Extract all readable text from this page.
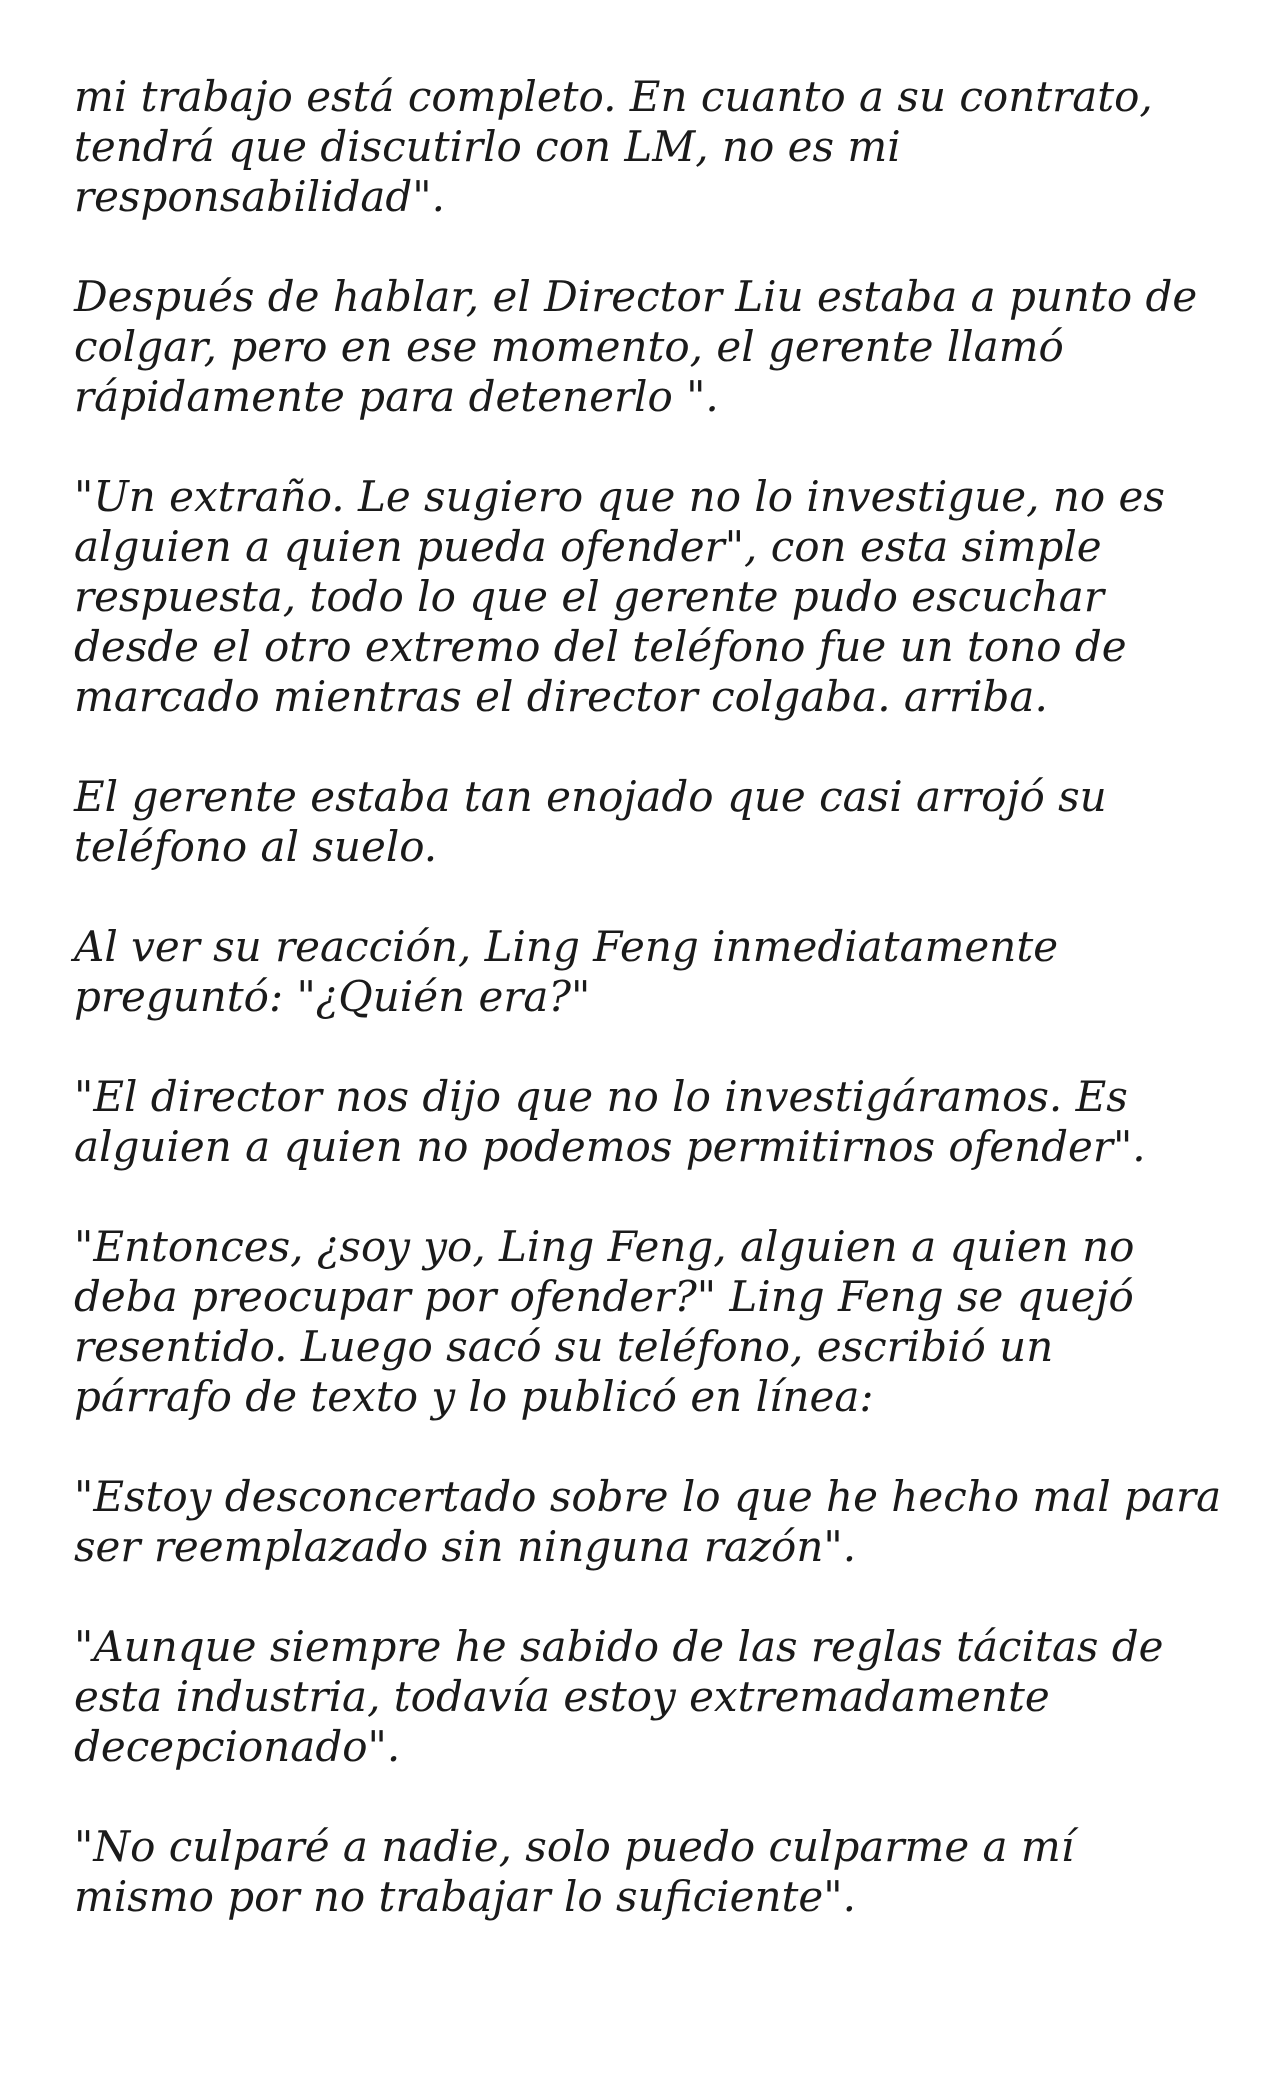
mi trabajo está completo. En cuanto a su contrato,
tendrá que discutirlo con LM, no es mi
responsabilidad".

Después de hablar, el Director Liu estaba a punto de
colgar, pero en ese momento, el gerente llamó
rápidamente para detenerlo ".

"Un extraño. Le sugiero que no lo investigue, no es
alguien a quien pueda ofender", con esta simple
respuesta, todo lo que el gerente pudo escuchar
desde el otro extremo del teléfono fue un tono de
marcado mientras el director colgaba. arriba.

El gerente estaba tan enojado que casi arrojó su
teléfono al suelo.

Al ver su reacción, Ling Feng inmediatamente
preguntó: "¿Quién era?"

"El director nos dijo que no lo investigáramos. Es
alguien a quien no podemos permitirnos ofender".

"Entonces, ¿soy yo, Ling Feng, alguien a quien no
deba preocupar por ofender?" Ling Feng se quejó
resentido. Luego sacó su teléfono, escribió un
párrafo de texto y lo publicó en línea:

"Estoy desconcertado sobre lo que he hecho mal para
ser reemplazado sin ninguna razón".

"Aunque siempre he sabido de las reglas tácitas de
esta industria, todavía estoy extremadamente
decepcionado".

"No culparé a nadie, solo puedo culparme a mí
mismo por no trabajar lo suficiente".
